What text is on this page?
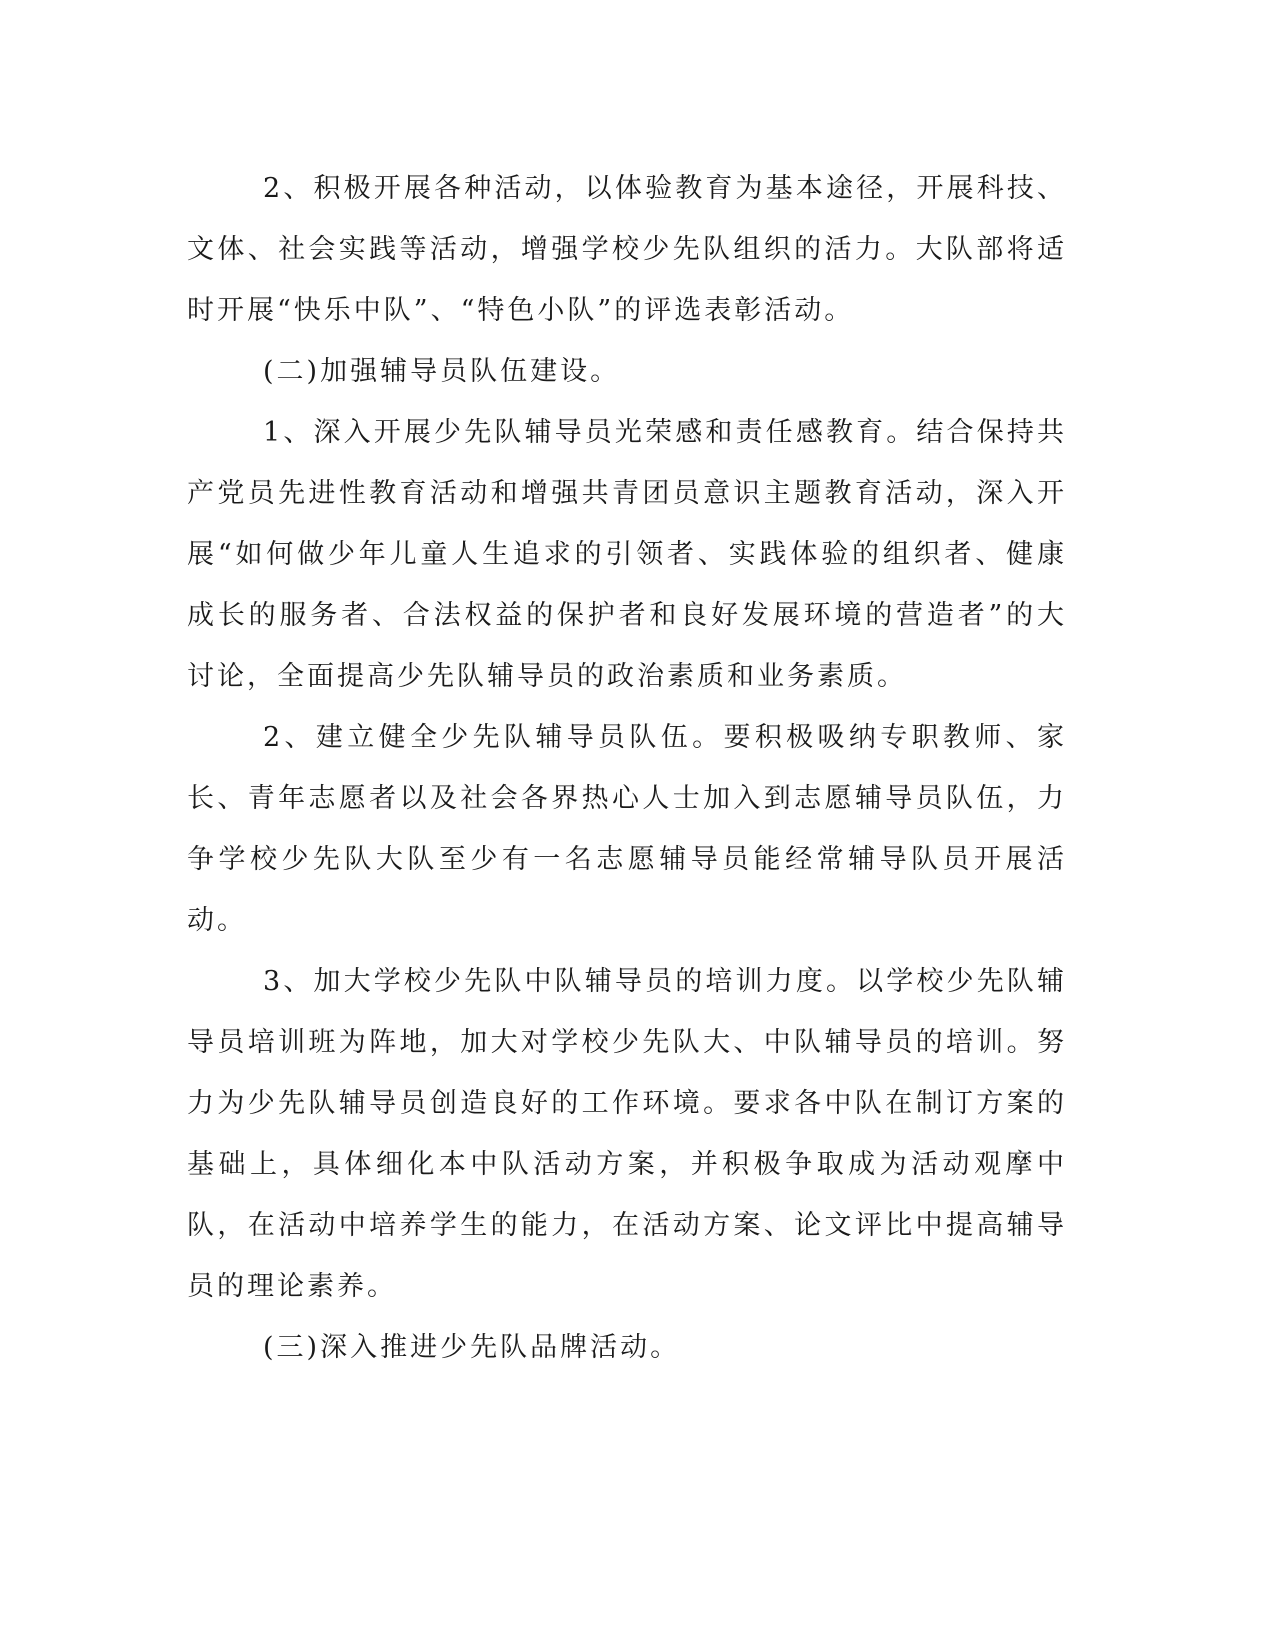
2、积极开展各种活动，以体验教育为基本途径，开展科技、文体、社会实践等活动，增强学校少先队组织的活力。大队部将适时开展“快乐中队”、“特色小队”的评选表彰活动。

(二)加强辅导员队伍建设。

1、深入开展少先队辅导员光荣感和责任感教育。结合保持共产党员先进性教育活动和增强共青团员意识主题教育活动，深入开展“如何做少年儿童人生追求的引领者、实践体验的组织者、健康成长的服务者、合法权益的保护者和良好发展环境的营造者”的大讨论，全面提高少先队辅导员的政治素质和业务素质。

2、建立健全少先队辅导员队伍。要积极吸纳专职教师、家长、青年志愿者以及社会各界热心人士加入到志愿辅导员队伍，力争学校少先队大队至少有一名志愿辅导员能经常辅导队员开展活动。

3、加大学校少先队中队辅导员的培训力度。以学校少先队辅导员培训班为阵地，加大对学校少先队大、中队辅导员的培训。努力为少先队辅导员创造良好的工作环境。要求各中队在制订方案的基础上，具体细化本中队活动方案，并积极争取成为活动观摩中队，在活动中培养学生的能力，在活动方案、论文评比中提高辅导员的理论素养。

(三)深入推进少先队品牌活动。
